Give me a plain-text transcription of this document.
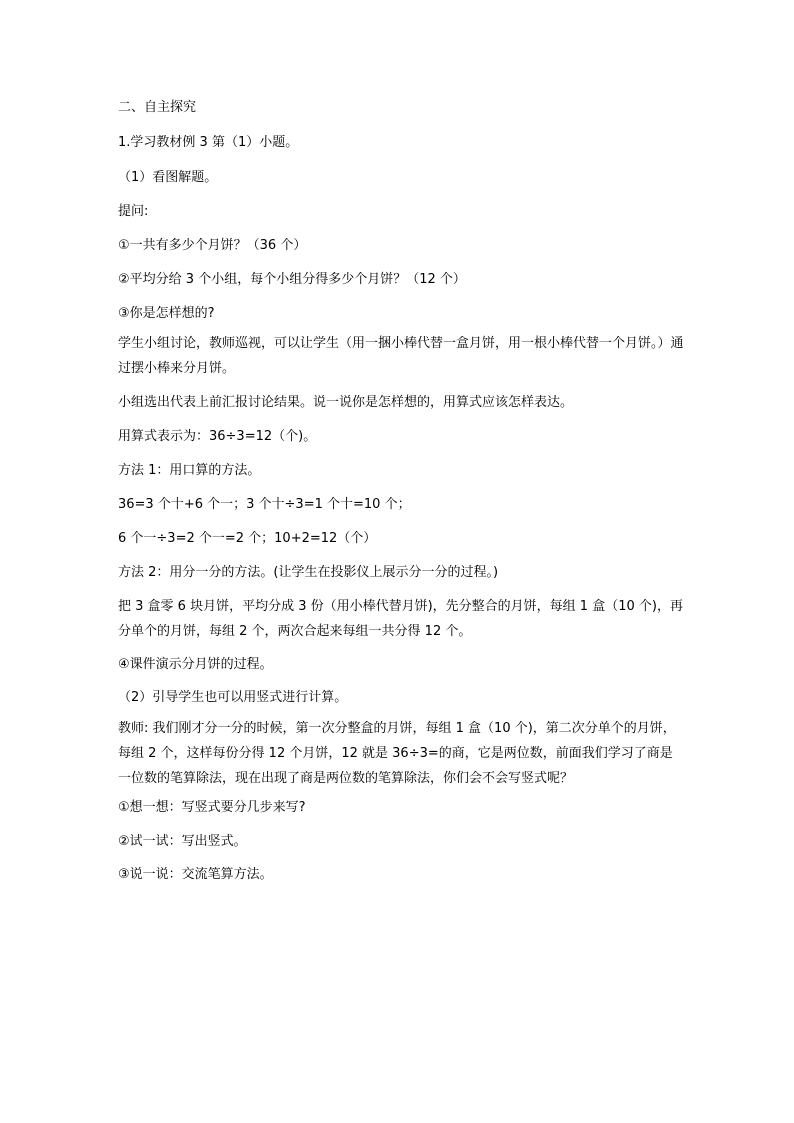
二、自主探究

1.学习教材例 3 第（1）小题。

（1）看图解题。

提问:

①一共有多少个月饼？（36 个）

②平均分给 3 个小组，每个小组分得多少个月饼？（12 个）

③你是怎样想的?

学生小组讨论，教师巡视，可以让学生（用一捆小棒代替一盒月饼，用一根小棒代替一个月饼。）通过摆小棒来分月饼。

小组选出代表上前汇报讨论结果。说一说你是怎样想的，用算式应该怎样表达。

用算式表示为：36÷3=12（个)。

方法 1：用口算的方法。

36=3 个十+6 个一；3 个十÷3=1 个十=10 个；

6 个一÷3=2 个一=2 个；10+2=12（个）

方法 2：用分一分的方法。(让学生在投影仪上展示分一分的过程。)

把 3 盒零 6 块月饼，平均分成 3 份（用小棒代替月饼)，先分整合的月饼，每组 1 盒（10 个)，再分单个的月饼，每组 2 个，两次合起来每组一共分得 12 个。

④课件演示分月饼的过程。

（2）引导学生也可以用竖式进行计算。

教师: 我们刚才分一分的时候，第一次分整盒的月饼，每组 1 盒（10 个)，第二次分单个的月饼，每组 2 个，这样每份分得 12 个月饼，12 就是 36÷3=的商，它是两位数，前面我们学习了商是一位数的笔算除法，现在出现了商是两位数的笔算除法，你们会不会写竖式呢？

①想一想：写竖式要分几步来写?

②试一试：写出竖式。

③说一说：交流笔算方法。
